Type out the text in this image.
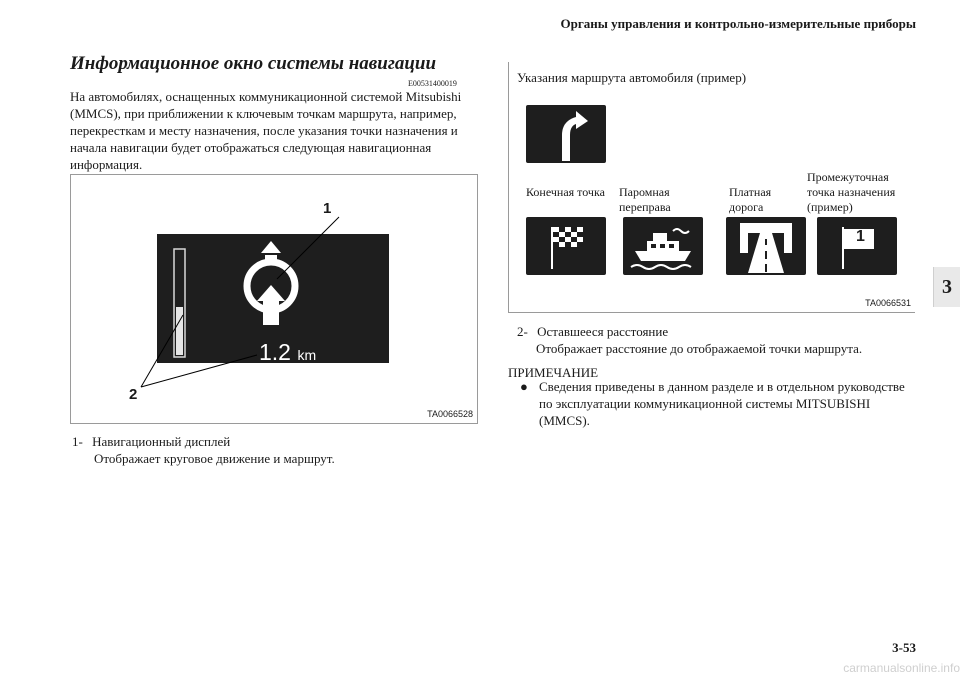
Органы управления и контрольно-измерительные приборы
Информационное окно системы навигации
E00531400019
На автомобилях, оснащенных коммуникационной системой Mitsubishi (MMCS), при приближении к ключевым точкам маршрута, например, перекресткам и месту назначения, после указания точки назначения и начала навигации будет отображаться следующая навигационная информация.
1
2
1.2 km
TA0066528
1- Навигационный дисплей
Отображает круговое движение и маршрут.
Указания маршрута автомобиля (пример)
Конечная точка Паромная переправа
Платная дорога
Промежуточная точка назначения (пример)
1
TA0066531
2- Оставшееся расстояние
Отображает расстояние до отображаемой точки маршрута.
ПРИМЕЧАНИЕ
● Сведения приведены в данном разделе и в отдельном руководстве по эксплуатации коммуникационной системы MITSUBISHI (MMCS).
3
3-53
carmanualsonline.info
